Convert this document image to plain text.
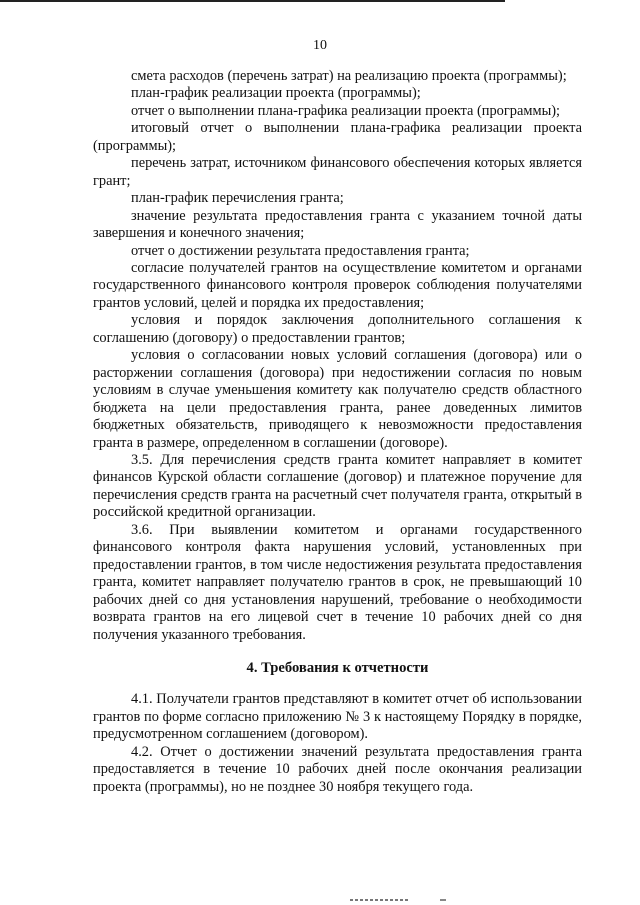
10

смета расходов (перечень затрат) на реализацию проекта (программы);

план-график реализации проекта (программы);

отчет о выполнении плана-графика реализации проекта (программы);

итоговый отчет о выполнении плана-графика реализации проекта (программы);

перечень затрат, источником финансового обеспечения которых является грант;

план-график перечисления гранта;

значение результата предоставления гранта с указанием точной даты завершения и конечного значения;

отчет о достижении результата предоставления гранта;

согласие получателей грантов на осуществление комитетом и органами государственного финансового контроля проверок соблюдения получателями грантов условий, целей и порядка их предоставления;

условия и порядок заключения дополнительного соглашения к соглашению (договору) о предоставлении грантов;

условия о согласовании новых условий соглашения (договора) или о расторжении соглашения (договора) при недостижении согласия по новым условиям в случае уменьшения комитету как получателю средств областного бюджета на цели предоставления гранта, ранее доведенных лимитов бюджетных обязательств, приводящего к невозможности предоставления гранта в размере, определенном в соглашении (договоре).

3.5. Для перечисления средств гранта комитет направляет в комитет финансов Курской области соглашение (договор) и платежное поручение для перечисления средств гранта на расчетный счет получателя гранта, открытый в российской кредитной организации.

3.6. При выявлении комитетом и органами государственного финансового контроля факта нарушения условий, установленных при предоставлении грантов, в том числе недостижения результата предоставления гранта, комитет направляет получателю грантов в срок, не превышающий 10 рабочих дней со дня установления нарушений, требование о необходимости возврата грантов на его лицевой счет в течение 10 рабочих дней со дня получения указанного требования.

4. Требования к отчетности

4.1. Получатели грантов представляют в комитет отчет об использовании грантов по форме согласно приложению № 3 к настоящему Порядку в порядке, предусмотренном соглашением (договором).

4.2. Отчет о достижении значений результата предоставления гранта предоставляется в течение 10 рабочих дней после окончания реализации проекта (программы), но не позднее 30 ноября текущего года.
